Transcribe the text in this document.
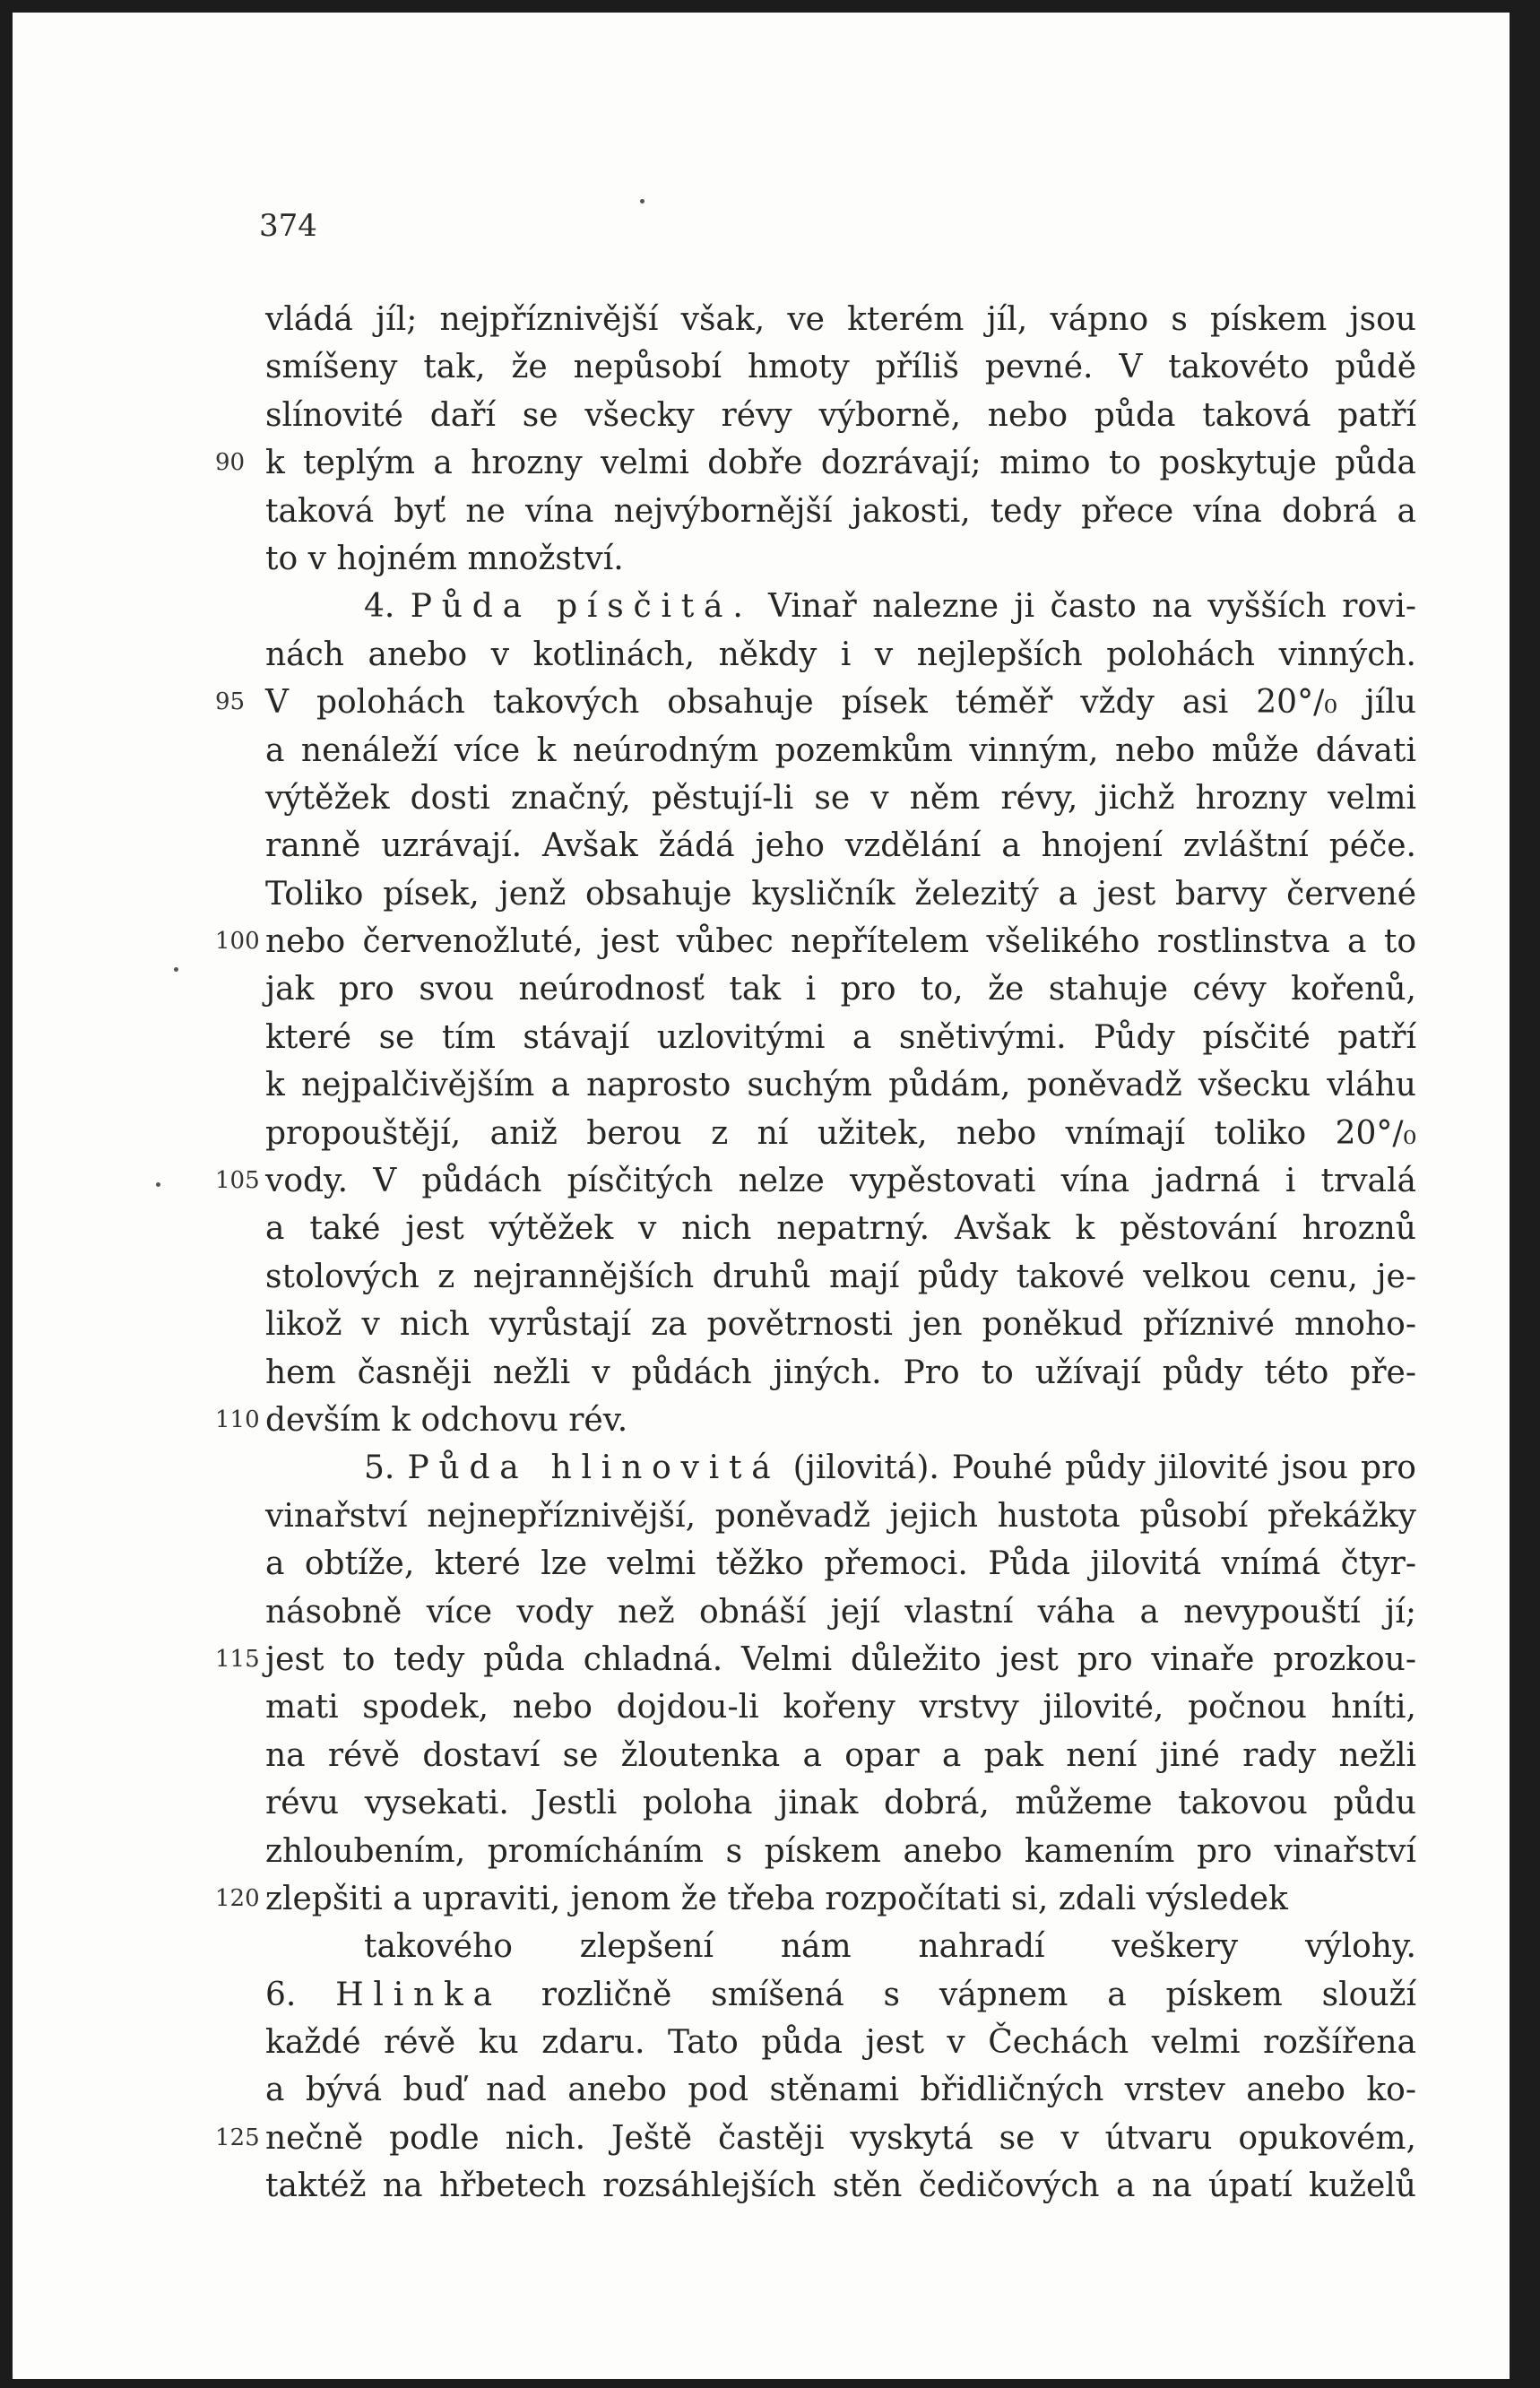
374
vládá jíl; nejpříznivější však, ve kterém jíl, vápno s pískem jsou
smíšeny tak, že nepůsobí hmoty příliš pevné. V takovéto půdě
slínovité daří se všecky révy výborně, nebo půda taková patří
90 k teplým a hrozny velmi dobře dozrávají; mimo to poskytuje půda
taková byť ne vína nejvýbornější jakosti, tedy přece vína dobrá a
to v hojném množství.
4. Půda písčitá. Vinař nalezne ji často na vyšších rovi-
nách anebo v kotlinách, někdy i v nejlepších polohách vinných.
95 V polohách takových obsahuje písek téměř vždy asi 20°/₀ jílu
a nenáleží více k neúrodným pozemkům vinným, nebo může dávati
výtěžek dosti značný, pěstují-li se v něm révy, jichž hrozny velmi
ranně uzrávají. Avšak žádá jeho vzdělání a hnojení zvláštní péče.
Toliko písek, jenž obsahuje kysličník železitý a jest barvy červené
100 nebo červenožluté, jest vůbec nepřítelem všelikého rostlinstva a to
jak pro svou neúrodnosť tak i pro to, že stahuje cévy kořenů,
které se tím stávají uzlovitými a snětivými. Půdy písčité patří
k nejpalčivějším a naprosto suchým půdám, poněvadž všecku vláhu
propouštějí, aniž berou z ní užitek, nebo vnímají toliko 20°/₀
105 vody. V půdách písčitých nelze vypěstovati vína jadrná i trvalá
a také jest výtěžek v nich nepatrný. Avšak k pěstování hroznů
stolových z nejrannějších druhů mají půdy takové velkou cenu, je-
likož v nich vyrůstají za povětrnosti jen poněkud příznivé mnoho-
hem časněji nežli v půdách jiných. Pro to užívají půdy této pře-
110 devším k odchovu rév.
5. Půda hlinovitá (jilovitá). Pouhé půdy jilovité jsou pro
vinařství nejnepříznivější, poněvadž jejich hustota působí překážky
a obtíže, které lze velmi těžko přemoci. Půda jilovitá vnímá čtyr-
násobně více vody než obnáší její vlastní váha a nevypouští jí;
115 jest to tedy půda chladná. Velmi důležito jest pro vinaře prozkou-
mati spodek, nebo dojdou-li kořeny vrstvy jilovité, počnou hníti,
na révě dostaví se žloutenka a opar a pak není jiné rady nežli
révu vysekati. Jestli poloha jinak dobrá, můžeme takovou půdu
zhloubením, promícháním s pískem anebo kamením pro vinařství
120 zlepšiti a upraviti, jenom že třeba rozpočítati si, zdali výsledek
takového zlepšení nám nahradí veškery výlohy.
6. Hlinka rozličně smíšená s vápnem a pískem slouží
každé révě ku zdaru. Tato půda jest v Čechách velmi rozšířena
a bývá buď nad anebo pod stěnami břidličných vrstev anebo ko-
125 nečně podle nich. Ještě častěji vyskytá se v útvaru opukovém,
taktéž na hřbetech rozsáhlejších stěn čedičových a na úpatí kuželů
